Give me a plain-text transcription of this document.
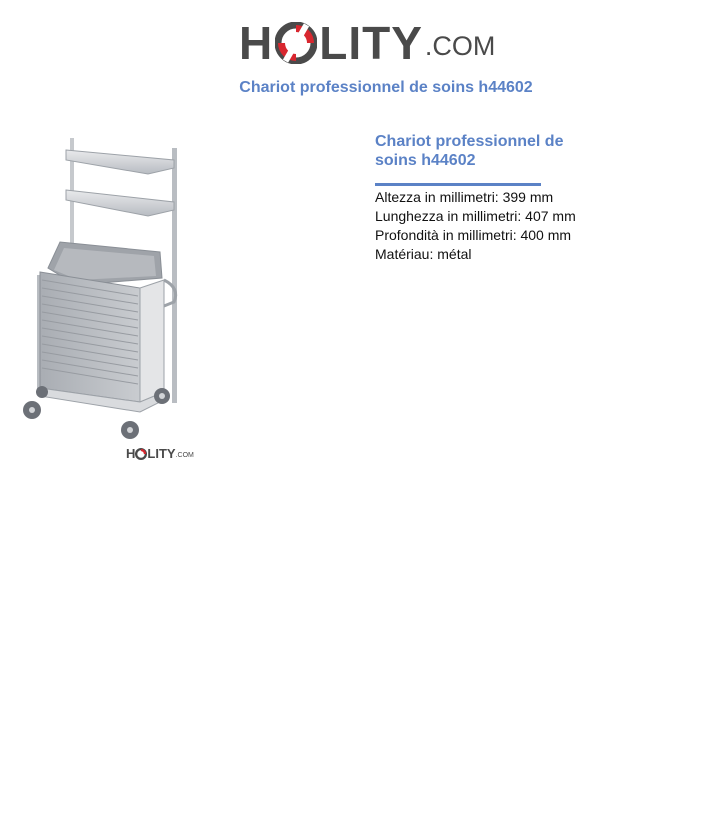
H LITY .COM
Chariot professionnel de soins h44602
H LITY .COM
Chariot professionnel de soins h44602
Altezza in millimetri: 399 mm
Lunghezza in millimetri: 407 mm
Profondità in millimetri: 400 mm
Matériau: métal
